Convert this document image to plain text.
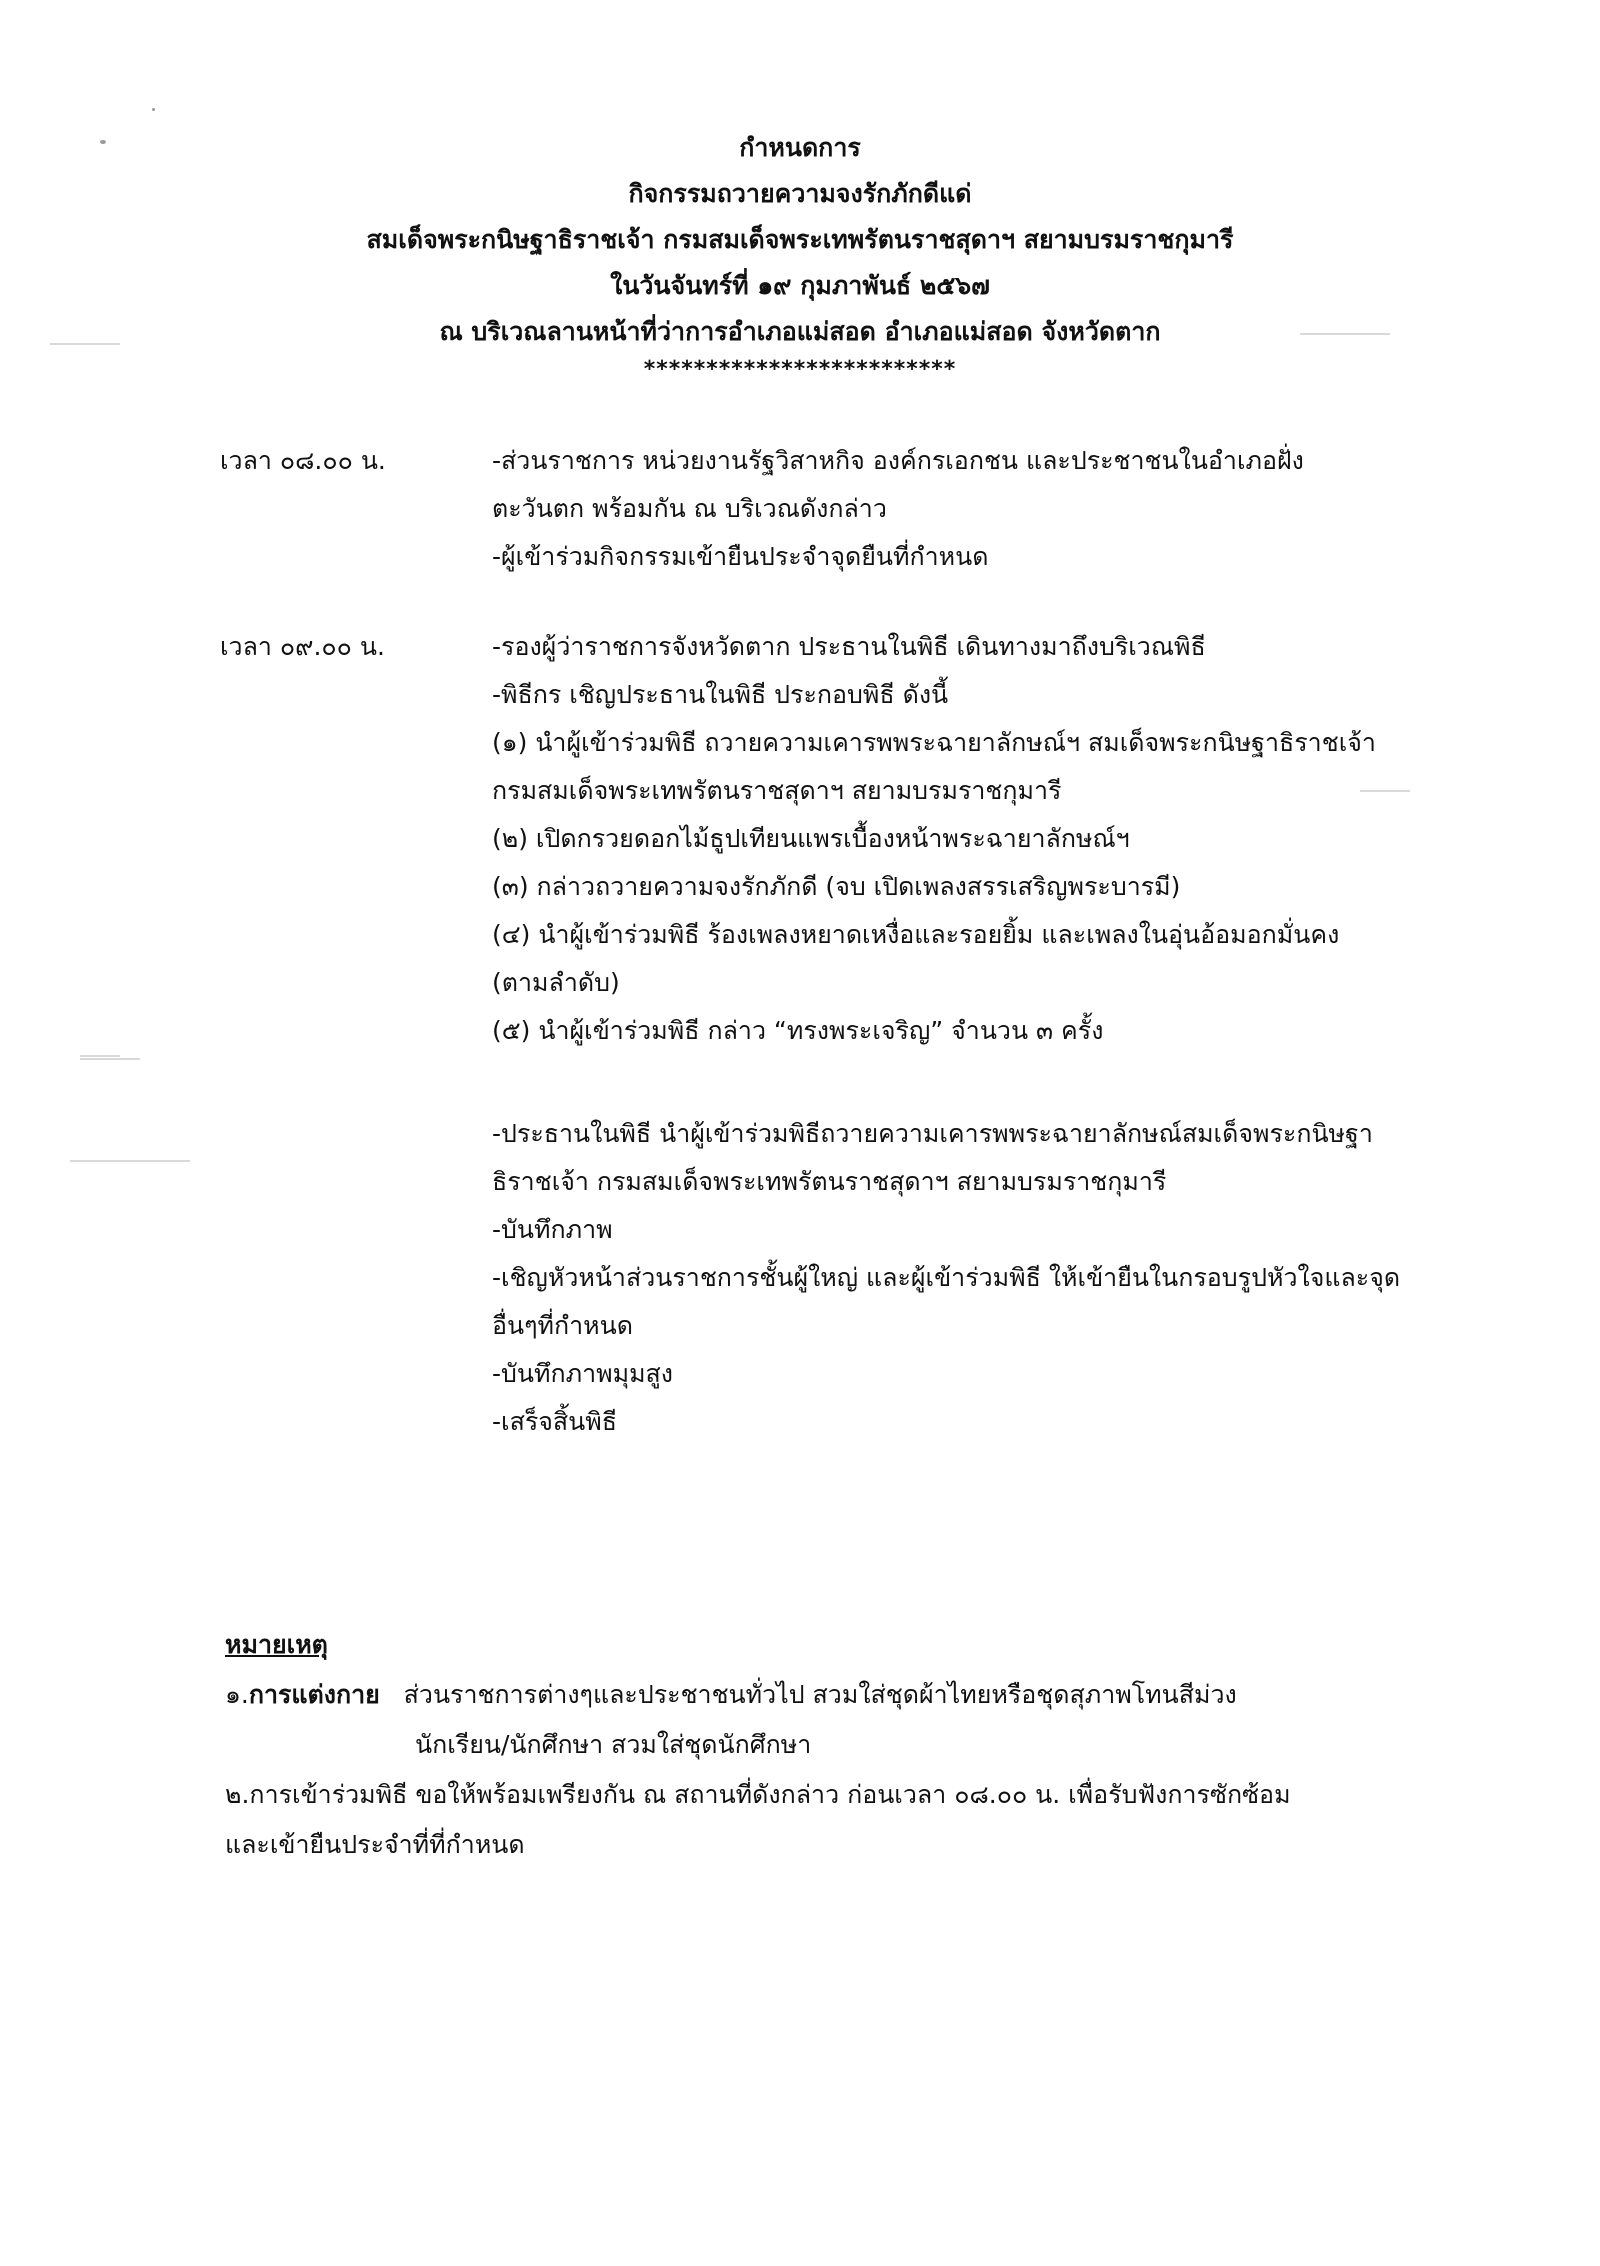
กำหนดการ
กิจกรรมถวายความจงรักภักดีแด่
สมเด็จพระกนิษฐาธิราชเจ้า กรมสมเด็จพระเทพรัตนราชสุดาฯ สยามบรมราชกุมารี
ในวันจันทร์ที่ ๑๙ กุมภาพันธ์ ๒๕๖๗
ณ บริเวณลานหน้าที่ว่าการอำเภอแม่สอด อำเภอแม่สอด จังหวัดตาก
*************************
เวลา ๐๘.๐๐ น.	-ส่วนราชการ หน่วยงานรัฐวิสาหกิจ องค์กรเอกชน และประชาชนในอำเภอฝั่ง
ตะวันตก พร้อมกัน ณ บริเวณดังกล่าว
-ผู้เข้าร่วมกิจกรรมเข้ายืนประจำจุดยืนที่กำหนด
เวลา ๐๙.๐๐ น.	-รองผู้ว่าราชการจังหวัดตาก ประธานในพิธี เดินทางมาถึงบริเวณพิธี
-พิธีกร เชิญประธานในพิธี ประกอบพิธี ดังนี้
(๑) นำผู้เข้าร่วมพิธี ถวายความเคารพพระฉายาลักษณ์ฯ สมเด็จพระกนิษฐาธิราชเจ้า
กรมสมเด็จพระเทพรัตนราชสุดาฯ สยามบรมราชกุมารี
(๒) เปิดกรวยดอกไม้ธูปเทียนแพรเบื้องหน้าพระฉายาลักษณ์ฯ
(๓) กล่าวถวายความจงรักภักดี (จบ เปิดเพลงสรรเสริญพระบารมี)
(๔) นำผู้เข้าร่วมพิธี ร้องเพลงหยาดเหงื่อและรอยยิ้ม และเพลงในอุ่นอ้อมอกมั่นคง
(ตามลำดับ)
(๕) นำผู้เข้าร่วมพิธี กล่าว “ทรงพระเจริญ” จำนวน ๓ ครั้ง
-ประธานในพิธี นำผู้เข้าร่วมพิธีถวายความเคารพพระฉายาลักษณ์สมเด็จพระกนิษฐา
ธิราชเจ้า กรมสมเด็จพระเทพรัตนราชสุดาฯ สยามบรมราชกุมารี
-บันทึกภาพ
-เชิญหัวหน้าส่วนราชการชั้นผู้ใหญ่ และผู้เข้าร่วมพิธี ให้เข้ายืนในกรอบรูปหัวใจและจุด
อื่นๆที่กำหนด
-บันทึกภาพมุมสูง
-เสร็จสิ้นพิธี
หมายเหตุ
๑.การแต่งกาย ส่วนราชการต่างๆและประชาชนทั่วไป สวมใส่ชุดผ้าไทยหรือชุดสุภาพโทนสีม่วง
นักเรียน/นักศึกษา สวมใส่ชุดนักศึกษา
๒.การเข้าร่วมพิธี ขอให้พร้อมเพรียงกัน ณ สถานที่ดังกล่าว ก่อนเวลา ๐๘.๐๐ น. เพื่อรับฟังการซักซ้อม
และเข้ายืนประจำที่ที่กำหนด
